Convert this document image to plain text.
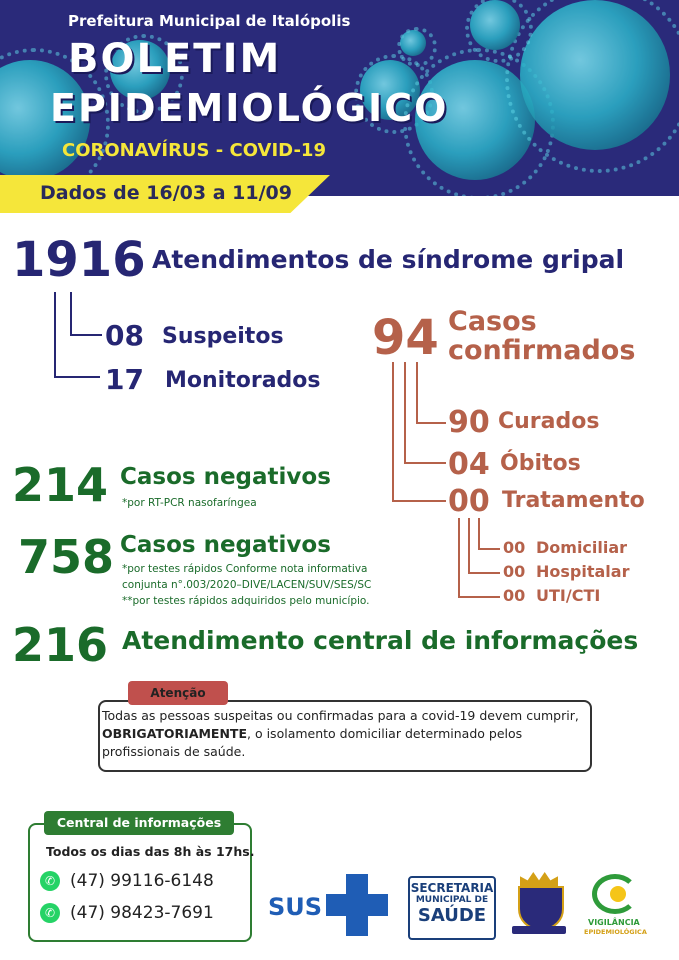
Prefeitura Municipal de Italópolis
BOLETIM
EPIDEMIOLÓGICO
CORONAVÍRUS - COVID-19
Dados de 16/03 a 11/09
1916 Atendimentos de síndrome gripal
08 Suspeitos
17 Monitorados
94 Casos
confirmados
90 Curados
04 Óbitos
00 Tratamento
00 Domiciliar
00 Hospitalar
00 UTI/CTI
214 Casos negativos
*por RT-PCR nasofaríngea
758 Casos negativos
*por testes rápidos Conforme nota informativa
conjunta n°.003/2020–DIVE/LACEN/SUV/SES/SC
**por testes rápidos adquiridos pelo município.
216 Atendimento central de informações
Atenção
Todas as pessoas suspeitas ou confirmadas para a covid-19 devem cumprir,
OBRIGATORIAMENTE, o isolamento domiciliar determinado pelos
profissionais de saúde.
Central de informações
Todos os dias das 8h às 17hs.
✆ (47) 99116-6148
✆ (47) 98423-7691 SUS
SECRETARIA
MUNICIPAL DE
SAÚDE	VIGILÂNCIA
EPIDEMIOLÓGICA
